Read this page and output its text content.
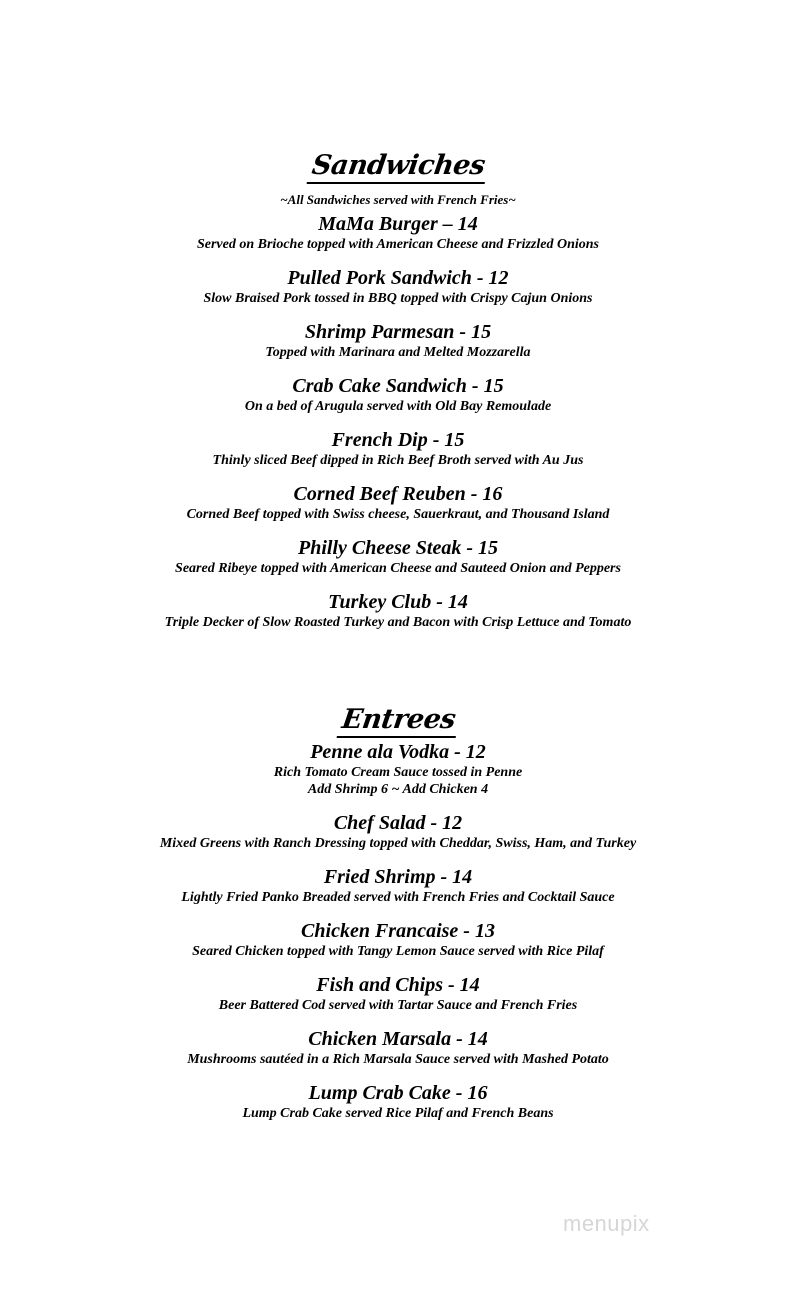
Sandwiches
~All Sandwiches served with French Fries~
MaMa Burger – 14
Served on Brioche topped with American Cheese and Frizzled Onions
Pulled Pork Sandwich - 12
Slow Braised Pork tossed in BBQ topped with Crispy Cajun Onions
Shrimp Parmesan - 15
Topped with Marinara and Melted Mozzarella
Crab Cake Sandwich - 15
On a bed of Arugula served with Old Bay Remoulade
French Dip - 15
Thinly sliced Beef dipped in Rich Beef Broth served with Au Jus
Corned Beef Reuben - 16
Corned Beef topped with Swiss cheese, Sauerkraut, and Thousand Island
Philly Cheese Steak - 15
Seared Ribeye topped with American Cheese and Sauteed Onion and Peppers
Turkey Club - 14
Triple Decker of Slow Roasted Turkey and Bacon with Crisp Lettuce and Tomato
Entrees
Penne ala Vodka - 12
Rich Tomato Cream Sauce tossed in Penne
Add Shrimp 6 ~ Add Chicken 4
Chef Salad - 12
Mixed Greens with Ranch Dressing topped with Cheddar, Swiss, Ham, and Turkey
Fried Shrimp - 14
Lightly Fried Panko Breaded served with French Fries and Cocktail Sauce
Chicken Francaise - 13
Seared Chicken topped with Tangy Lemon Sauce served with Rice Pilaf
Fish and Chips - 14
Beer Battered Cod served with Tartar Sauce and French Fries
Chicken Marsala - 14
Mushrooms sautéed in a Rich Marsala Sauce served with Mashed Potato
Lump Crab Cake - 16
Lump Crab Cake served Rice Pilaf and French Beans
menupix
